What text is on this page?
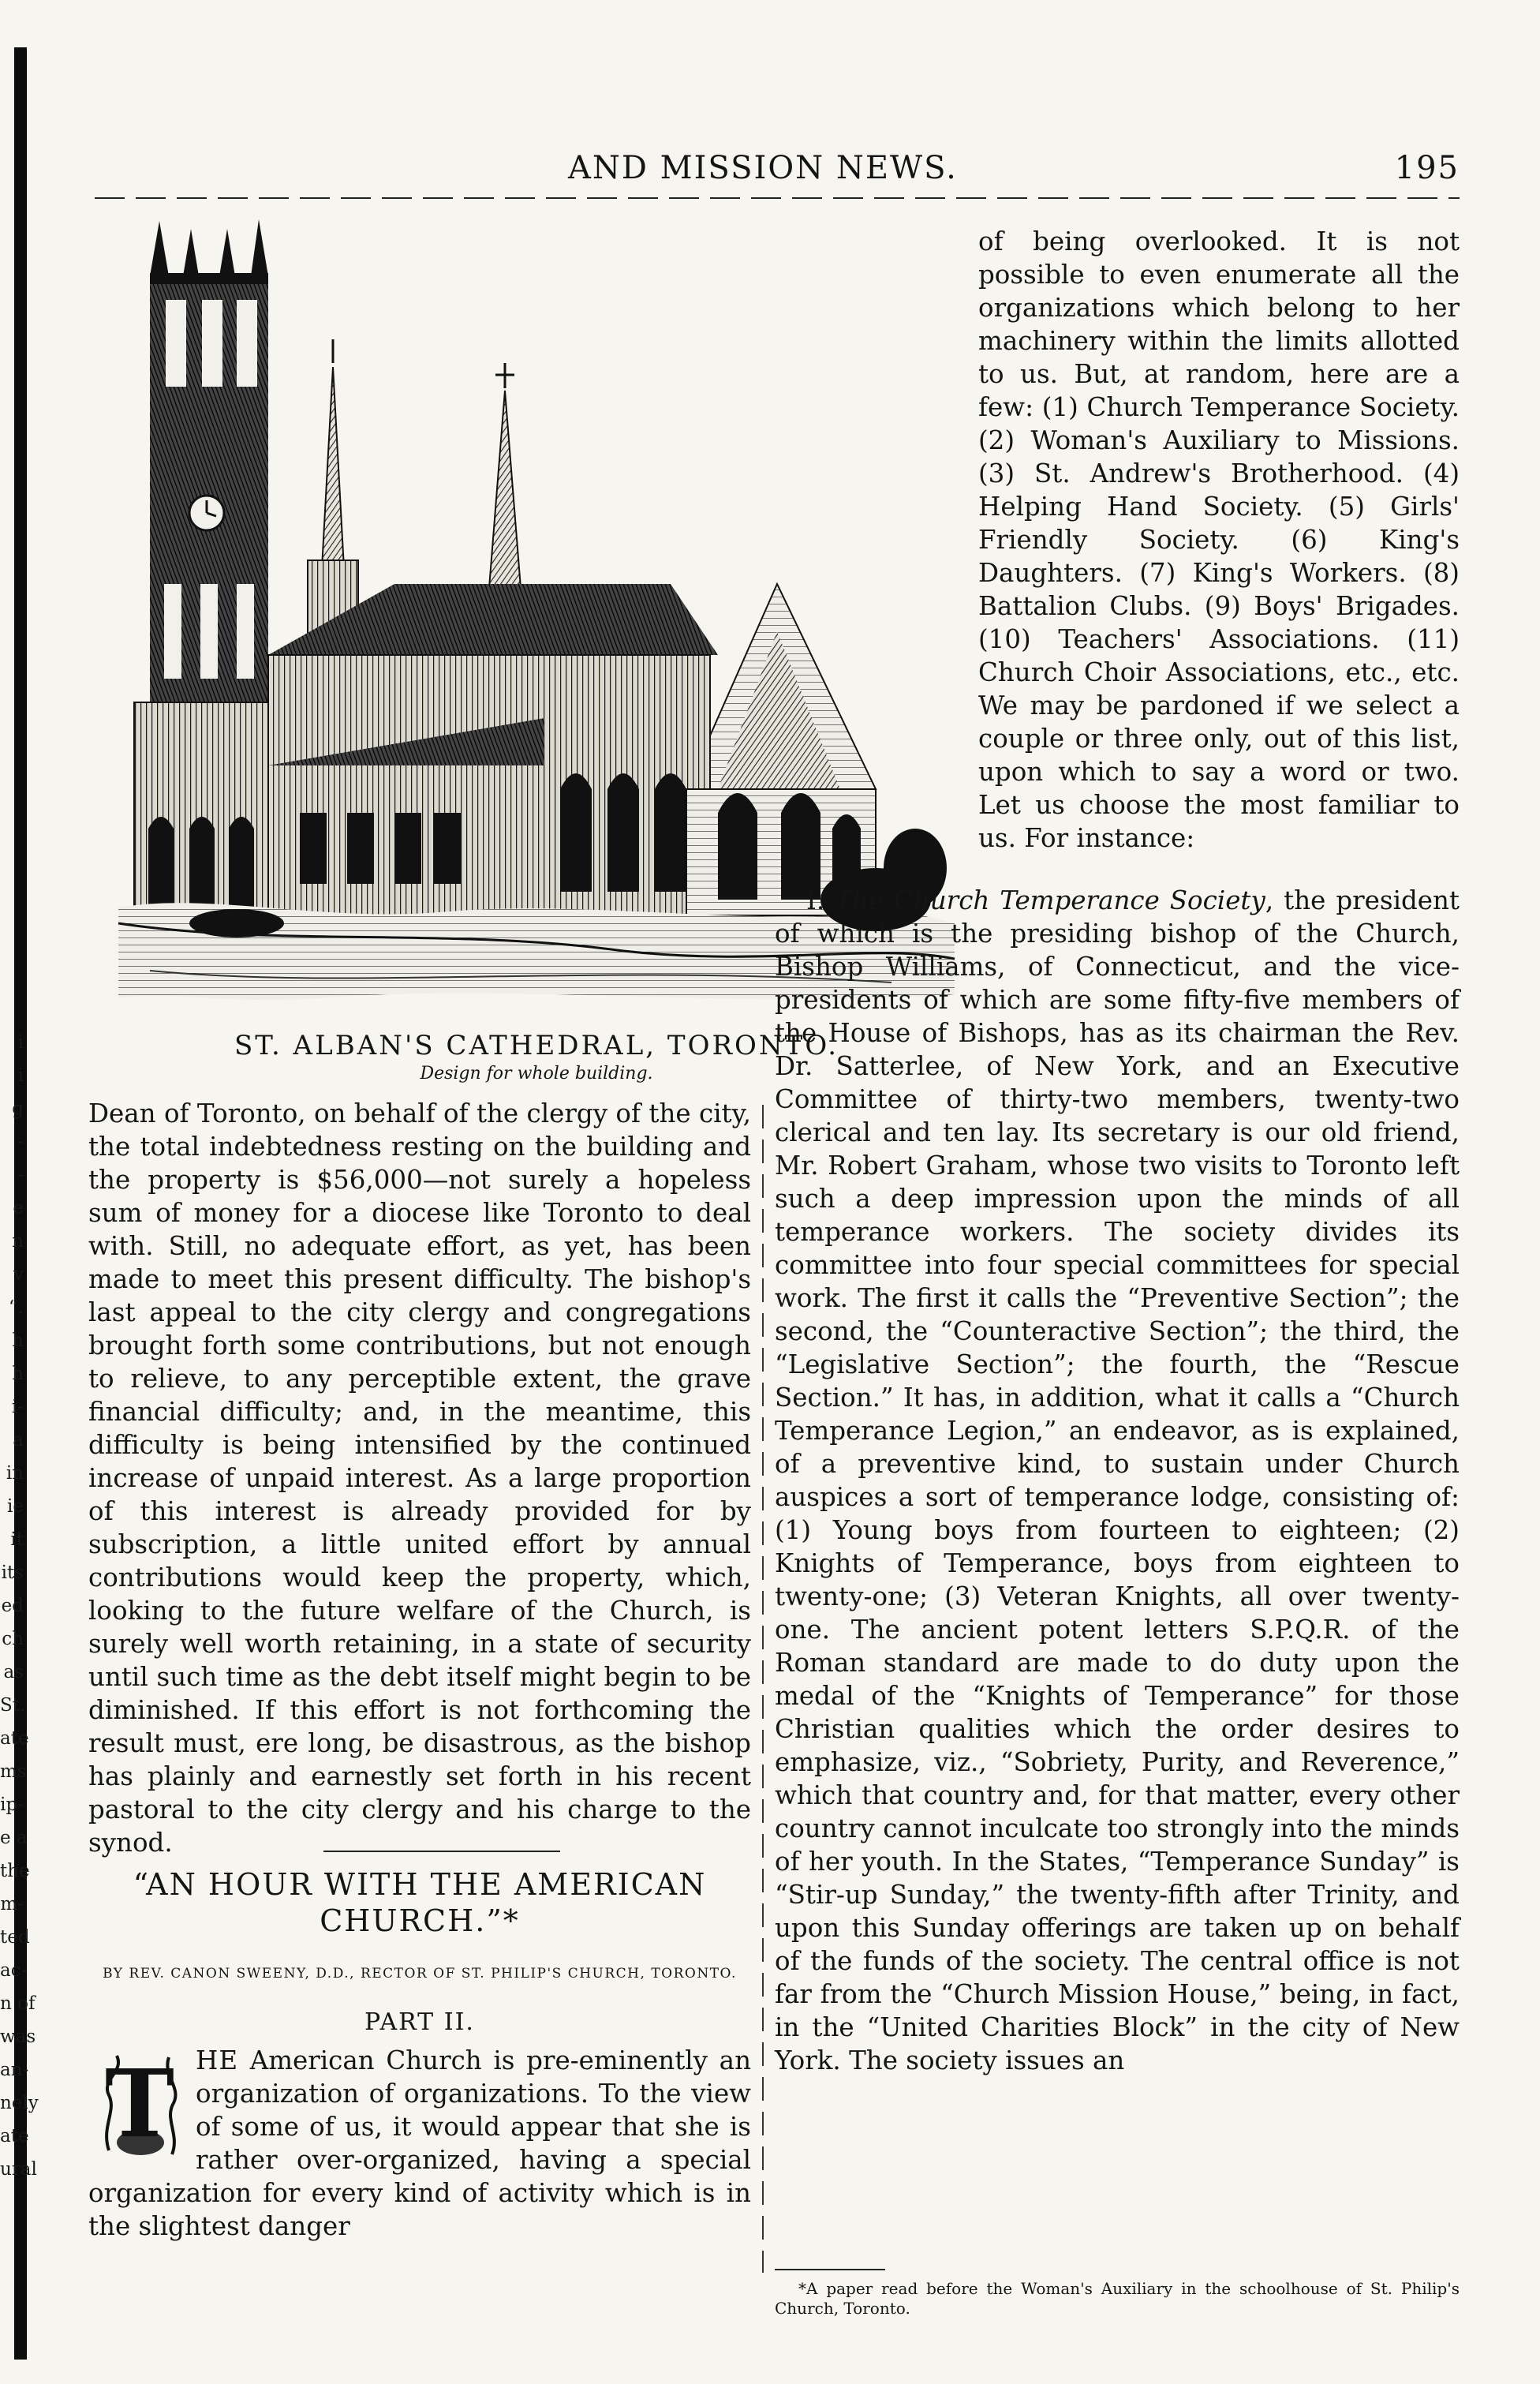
i
i
g
-
-
e
n
v
“.
h
h
i-
a
in
ie
it
its
ed
ch
as
St.
ate
ms
ip-
e a
the
m-
ted
ac-
n of
was
an-
nely
ate
ural
AND MISSION NEWS.	195
ST. ALBAN'S CATHEDRAL, TORONTO.
Design for whole building.

of being overlooked. It is not possible to even enumerate all the organizations which belong to her machinery within the limits allotted to us. But, at random, here are a few: (1) Church Temperance Society. (2) Woman's Auxiliary to Missions. (3) St. Andrew's Brotherhood. (4) Helping Hand Society. (5) Girls' Friendly Society. (6) King's Daughters. (7) King's Workers. (8) Battalion Clubs. (9) Boys' Brigades. (10) Teachers' Associations. (11) Church Choir Associations, etc., etc. We may be pardoned if we select a couple or three only, out of this list, upon which to say a word or two. Let us choose the most familiar to us. For instance:

Dean of Toronto, on behalf of the clergy of the city, the total indebtedness resting on the building and the property is $56,000—not surely a hopeless sum of money for a diocese like Toronto to deal with. Still, no adequate effort, as yet, has been made to meet this present difficulty. The bishop's last appeal to the city clergy and congregations brought forth some contributions, but not enough to relieve, to any perceptible extent, the grave financial difficulty; and, in the meantime, this difficulty is being intensified by the continued increase of unpaid interest. As a large proportion of this interest is already provided for by subscription, a little united effort by annual contributions would keep the property, which, looking to the future welfare of the Church, is surely well worth retaining, in a state of security until such time as the debt itself might begin to be diminished. If this effort is not forthcoming the result must, ere long, be disastrous, as the bishop has plainly and earnestly set forth in his recent pastoral to the city clergy and his charge to the synod.

I. The Church Temperance Society, the president of which is the presiding bishop of the Church, Bishop Williams, of Connecticut, and the vice-presidents of which are some fifty-five members of the House of Bishops, has as its chairman the Rev. Dr. Satterlee, of New York, and an Executive Committee of thirty-two members, twenty-two clerical and ten lay. Its secretary is our old friend, Mr. Robert Graham, whose two visits to Toronto left such a deep impression upon the minds of all temperance workers. The society divides its committee into four special committees for special work. The first it calls the “Preventive Section”; the second, the “Counteractive Section”; the third, the “Legislative Section”; the fourth, the “Rescue Section.” It has, in addition, what it calls a “Church Temperance Legion,” an endeavor, as is explained, of a preventive kind, to sustain under Church auspices a sort of temperance lodge, consisting of: (1) Young boys from fourteen to eighteen; (2) Knights of Temperance, boys from eighteen to twenty-one; (3) Veteran Knights, all over twenty-one. The ancient potent letters S.P.Q.R. of the Roman standard are made to do duty upon the medal of the “Knights of Temperance” for those Christian qualities which the order desires to emphasize, viz., “Sobriety, Purity, and Reverence,” which that country and, for that matter, every other country cannot inculcate too strongly into the minds of her youth. In the States, “Temperance Sunday” is “Stir-up Sunday,” the twenty-fifth after Trinity, and upon this Sunday offerings are taken up on behalf of the funds of the society. The central office is not far from the “Church Mission House,” being, in fact, in the “United Charities Block” in the city of New York. The society issues an

“AN HOUR WITH THE AMERICAN CHURCH.”*
BY REV. CANON SWEENY, D.D., RECTOR OF ST. PHILIP'S CHURCH, TORONTO.
PART II.
HE American Church is pre-eminently an organization of organizations. To the view of some of us, it would appear that she is rather over-organized, having a special organization for every kind of activity which is in the slightest danger
T
*A paper read before the Woman's Auxiliary in the schoolhouse of St. Philip's Church, Toronto.
